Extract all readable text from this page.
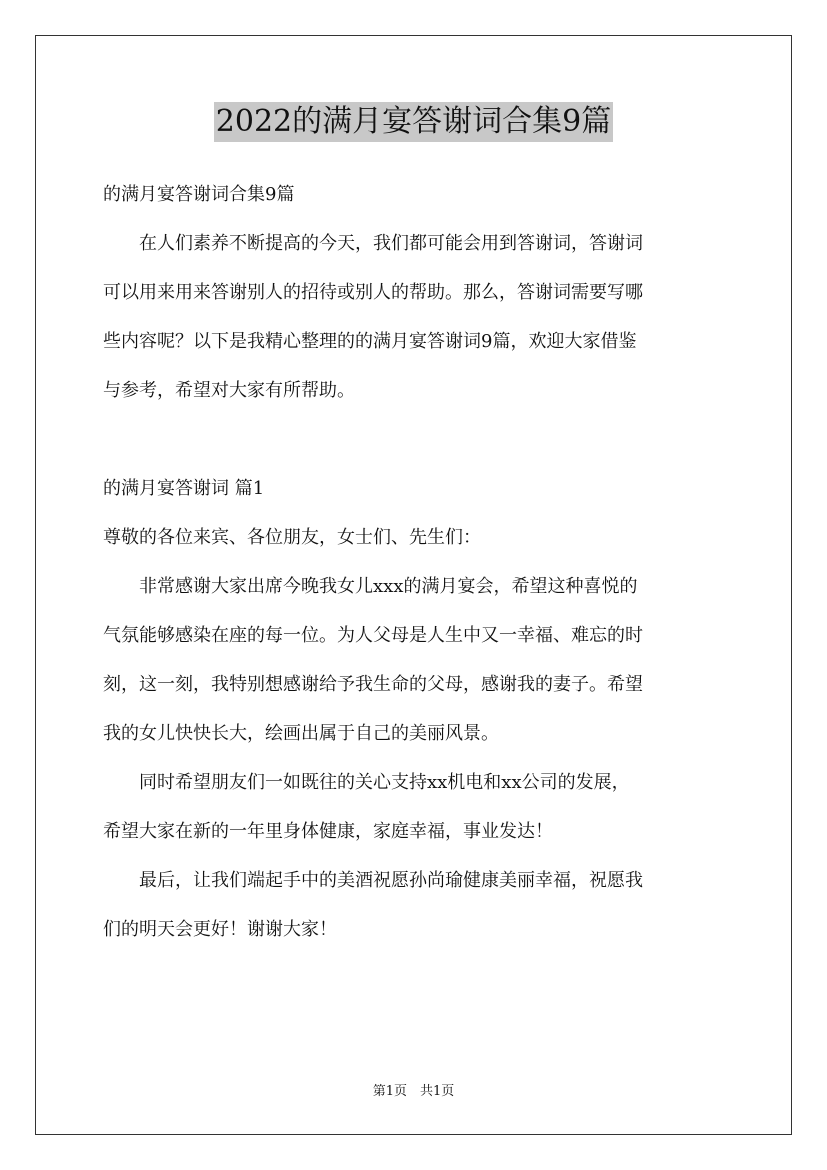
2022的满月宴答谢词合集9篇
的满月宴答谢词合集9篇
　　在人们素养不断提高的今天，我们都可能会用到答谢词，答谢词
可以用来用来答谢别人的招待或别人的帮助。那么，答谢词需要写哪
些内容呢？以下是我精心整理的的满月宴答谢词9篇，欢迎大家借鉴
与参考，希望对大家有所帮助。
的满月宴答谢词 篇1
尊敬的各位来宾、各位朋友，女士们、先生们：
　　非常感谢大家出席今晚我女儿xxx的满月宴会，希望这种喜悦的
气氛能够感染在座的每一位。为人父母是人生中又一幸福、难忘的时
刻，这一刻，我特别想感谢给予我生命的父母，感谢我的妻子。希望
我的女儿快快长大，绘画出属于自己的美丽风景。
　　同时希望朋友们一如既往的关心支持xx机电和xx公司的发展，
希望大家在新的一年里身体健康，家庭幸福，事业发达！
　　最后，让我们端起手中的美酒祝愿孙尚瑜健康美丽幸福，祝愿我
们的明天会更好！谢谢大家！
第1页　共1页
